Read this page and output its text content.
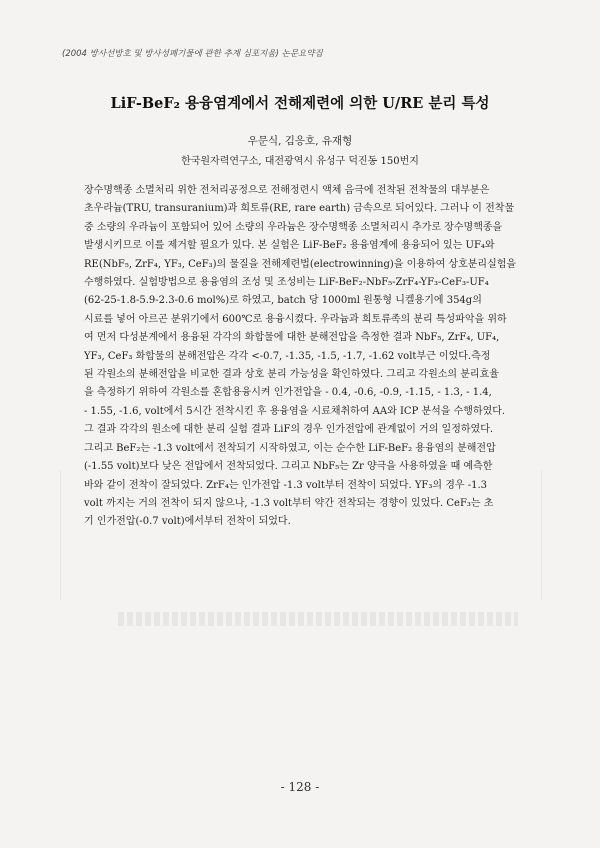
(2004 방사선방호 및 방사성폐기물에 관한 추계 심포지움) 논문요약집
LiF-BeF₂ 용융염계에서 전해제련에 의한 U/RE 분리 특성
우문식, 김응호, 유재형
한국원자력연구소, 대전광역시 유성구 덕진동 150번지
장수명핵종 소멸처리 위한 전처리공정으로 전해정련시 액체 음극에 전착된 전착물의 대부분은
초우라늄(TRU, transuranium)과 희토류(RE, rare earth) 금속으로 되어있다. 그러나 이 전착물
중 소량의 우라늄이 포함되어 있어 소량의 우라늄은 장수명핵종 소멸처리시 추가로 장수명핵종을
발생시키므로 이를 제거할 필요가 있다. 본 실험은 LiF-BeF₂ 용융염계에 용융되어 있는 UF₄와
RE(NbF₅, ZrF₄, YF₃, CeF₃)의 물질을 전해제련법(electrowinning)을 이용하여 상호분리실험을
수행하였다. 실험방법으로 용융염의 조성 및 조성비는 LiF-BeF₂-NbF₅-ZrF₄-YF₃-CeF₃-UF₄
(62-25-1.8-5.9-2.3-0.6 mol%)로 하였고, batch 당 1000ml 원통형 니켈용기에 354g의
시료를 넣어 아르곤 분위기에서 600℃로 용융시켰다. 우라늄과 희토류족의 분리 특성파악을 위하
여 먼저 다성분계에서 용융된 각각의 화합물에 대한 분해전압을 측정한 결과 NbF₅, ZrF₄, UF₄,
YF₃, CeF₃ 화합물의 분해전압은 각각 <-0.7, -1.35, -1.5, -1.7, -1.62 volt부근 이었다.측정
된 각원소의 분해전압을 비교한 결과 상호 분리 가능성을 확인하였다. 그리고 각원소의 분리효율
을 측정하기 위하여 각원소를 혼합용융시켜 인가전압을 - 0.4, -0.6, -0.9, -1.15, - 1.3, - 1.4,
- 1.55, -1.6, volt에서 5시간 전착시킨 후 용융염을 시료채취하여 AA와 ICP 분석을 수행하였다.
그 결과 각각의 원소에 대한 분리 실험 결과 LiF의 경우 인가전압에 관계없이 거의 일정하였다.
그리고 BeF₂는 -1.3 volt에서 전착되기 시작하였고, 이는 순수한 LiF-BeF₂ 용융염의 분해전압
(-1.55 volt)보다 낮은 전압에서 전착되었다. 그리고 NbF₅는 Zr 양극을 사용하였을 때 예측한
바와 같이 전착이 잘되었다. ZrF₄는 인가전압 -1.3 volt부터 전착이 되었다. YF₃의 경우 -1.3
volt 까지는 거의 전착이 되지 않으나, -1.3 volt부터 약간 전착되는 경향이 있었다. CeF₃는 초
기 인가전압(-0.7 volt)에서부터 전착이 되었다.
- 128 -
